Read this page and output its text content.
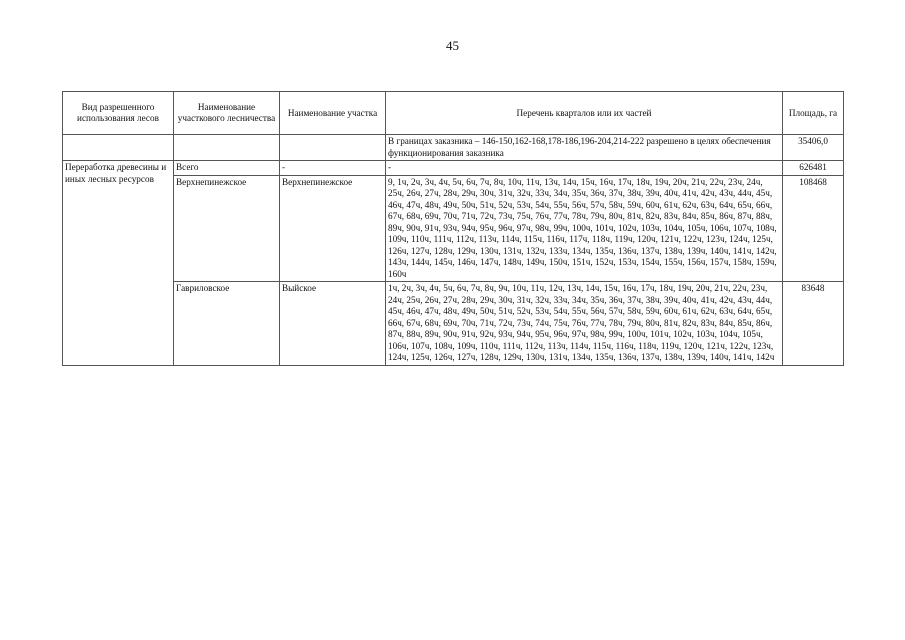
45
Вид разрешенного использования лесов	Наименование участкового лесничества	Наименование участка	Перечень кварталов или их частей	Площадь, га
			В границах заказника – 146-150,162-168,178-186,196-204,214-222 разрешено в целях обеспечения функционирования заказника	35406,0
Переработка древесины и иных лесных ресурсов	Всего	-	-	626481
	Верхнепинежское	Верхнепинежское	9, 1ч, 2ч, 3ч, 4ч, 5ч, 6ч, 7ч, 8ч, 10ч, 11ч, 13ч, 14ч, 15ч, 16ч, 17ч, 18ч, 19ч, 20ч, 21ч, 22ч, 23ч, 24ч, 25ч, 26ч, 27ч, 28ч, 29ч, 30ч, 31ч, 32ч, 33ч, 34ч, 35ч, 36ч, 37ч, 38ч, 39ч, 40ч, 41ч, 42ч, 43ч, 44ч, 45ч, 46ч, 47ч, 48ч, 49ч, 50ч, 51ч, 52ч, 53ч, 54ч, 55ч, 56ч, 57ч, 58ч, 59ч, 60ч, 61ч, 62ч, 63ч, 64ч, 65ч, 66ч, 67ч, 68ч, 69ч, 70ч, 71ч, 72ч, 73ч, 75ч, 76ч, 77ч, 78ч, 79ч, 80ч, 81ч, 82ч, 83ч, 84ч, 85ч, 86ч, 87ч, 88ч, 89ч, 90ч, 91ч, 93ч, 94ч, 95ч, 96ч, 97ч, 98ч, 99ч, 100ч, 101ч, 102ч, 103ч, 104ч, 105ч, 106ч, 107ч, 108ч, 109ч, 110ч, 111ч, 112ч, 113ч, 114ч, 115ч, 116ч, 117ч, 118ч, 119ч, 120ч, 121ч, 122ч, 123ч, 124ч, 125ч, 126ч, 127ч, 128ч, 129ч, 130ч, 131ч, 132ч, 133ч, 134ч, 135ч, 136ч, 137ч, 138ч, 139ч, 140ч, 141ч, 142ч, 143ч, 144ч, 145ч, 146ч, 147ч, 148ч, 149ч, 150ч, 151ч, 152ч, 153ч, 154ч, 155ч, 156ч, 157ч, 158ч, 159ч, 160ч	108468
	Гавриловское	Выйское	1ч, 2ч, 3ч, 4ч, 5ч, 6ч, 7ч, 8ч, 9ч, 10ч, 11ч, 12ч, 13ч, 14ч, 15ч, 16ч, 17ч, 18ч, 19ч, 20ч, 21ч, 22ч, 23ч, 24ч, 25ч, 26ч, 27ч, 28ч, 29ч, 30ч, 31ч, 32ч, 33ч, 34ч, 35ч, 36ч, 37ч, 38ч, 39ч, 40ч, 41ч, 42ч, 43ч, 44ч, 45ч, 46ч, 47ч, 48ч, 49ч, 50ч, 51ч, 52ч, 53ч, 54ч, 55ч, 56ч, 57ч, 58ч, 59ч, 60ч, 61ч, 62ч, 63ч, 64ч, 65ч, 66ч, 67ч, 68ч, 69ч, 70ч, 71ч, 72ч, 73ч, 74ч, 75ч, 76ч, 77ч, 78ч, 79ч, 80ч, 81ч, 82ч, 83ч, 84ч, 85ч, 86ч, 87ч, 88ч, 89ч, 90ч, 91ч, 92ч, 93ч, 94ч, 95ч, 96ч, 97ч, 98ч, 99ч, 100ч, 101ч, 102ч, 103ч, 104ч, 105ч, 106ч, 107ч, 108ч, 109ч, 110ч, 111ч, 112ч, 113ч, 114ч, 115ч, 116ч, 118ч, 119ч, 120ч, 121ч, 122ч, 123ч, 124ч, 125ч, 126ч, 127ч, 128ч, 129ч, 130ч, 131ч, 134ч, 135ч, 136ч, 137ч, 138ч, 139ч, 140ч, 141ч, 142ч	83648
